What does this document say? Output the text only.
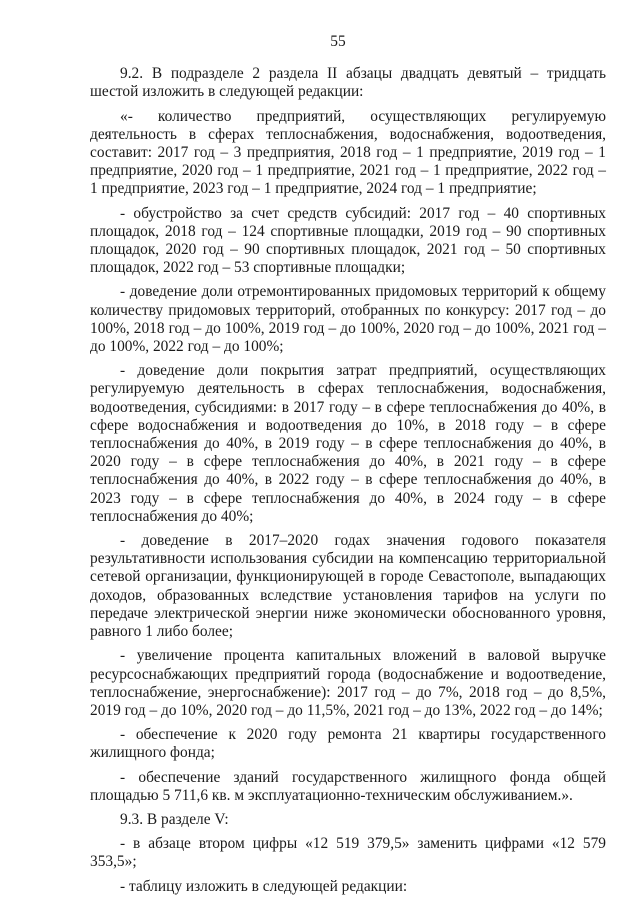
55

9.2. В подразделе 2 раздела II абзацы двадцать девятый – тридцать шестой изложить в следующей редакции:

«- количество предприятий, осуществляющих регулируемую деятельность в сферах теплоснабжения, водоснабжения, водоотведения, составит: 2017 год – 3 предприятия, 2018 год – 1 предприятие, 2019 год – 1 предприятие, 2020 год – 1 предприятие, 2021 год – 1 предприятие, 2022 год – 1 предприятие, 2023 год – 1 предприятие, 2024 год – 1 предприятие;

- обустройство за счет средств субсидий: 2017 год – 40 спортивных площадок, 2018 год – 124 спортивные площадки, 2019 год – 90 спортивных площадок, 2020 год – 90 спортивных площадок, 2021 год – 50 спортивных площадок, 2022 год – 53 спортивные площадки;

- доведение доли отремонтированных придомовых территорий к общему количеству придомовых территорий, отобранных по конкурсу: 2017 год – до 100%, 2018 год – до 100%, 2019 год – до 100%, 2020 год – до 100%, 2021 год – до 100%, 2022 год – до 100%;

- доведение доли покрытия затрат предприятий, осуществляющих регулируемую деятельность в сферах теплоснабжения, водоснабжения, водоотведения, субсидиями: в 2017 году – в сфере теплоснабжения до 40%, в сфере водоснабжения и водоотведения до 10%, в 2018 году – в сфере теплоснабжения до 40%, в 2019 году – в сфере теплоснабжения до 40%, в 2020 году – в сфере теплоснабжения до 40%, в 2021 году – в сфере теплоснабжения до 40%, в 2022 году – в сфере теплоснабжения до 40%, в 2023 году – в сфере теплоснабжения до 40%, в 2024 году – в сфере теплоснабжения до 40%;

- доведение в 2017–2020 годах значения годового показателя результативности использования субсидии на компенсацию территориальной сетевой организации, функционирующей в городе Севастополе, выпадающих доходов, образованных вследствие установления тарифов на услуги по передаче электрической энергии ниже экономически обоснованного уровня, равного 1 либо более;

- увеличение процента капитальных вложений в валовой выручке ресурсоснабжающих предприятий города (водоснабжение и водоотведение, теплоснабжение, энергоснабжение): 2017 год – до 7%, 2018 год – до 8,5%, 2019 год – до 10%, 2020 год – до 11,5%, 2021 год – до 13%, 2022 год – до 14%;

- обеспечение к 2020 году ремонта 21 квартиры государственного жилищного фонда;

- обеспечение зданий государственного жилищного фонда общей площадью 5 711,6 кв. м эксплуатационно-техническим обслуживанием.».

9.3. В разделе V:

- в абзаце втором цифры «12 519 379,5» заменить цифрами «12 579 353,5»;

- таблицу изложить в следующей редакции:
